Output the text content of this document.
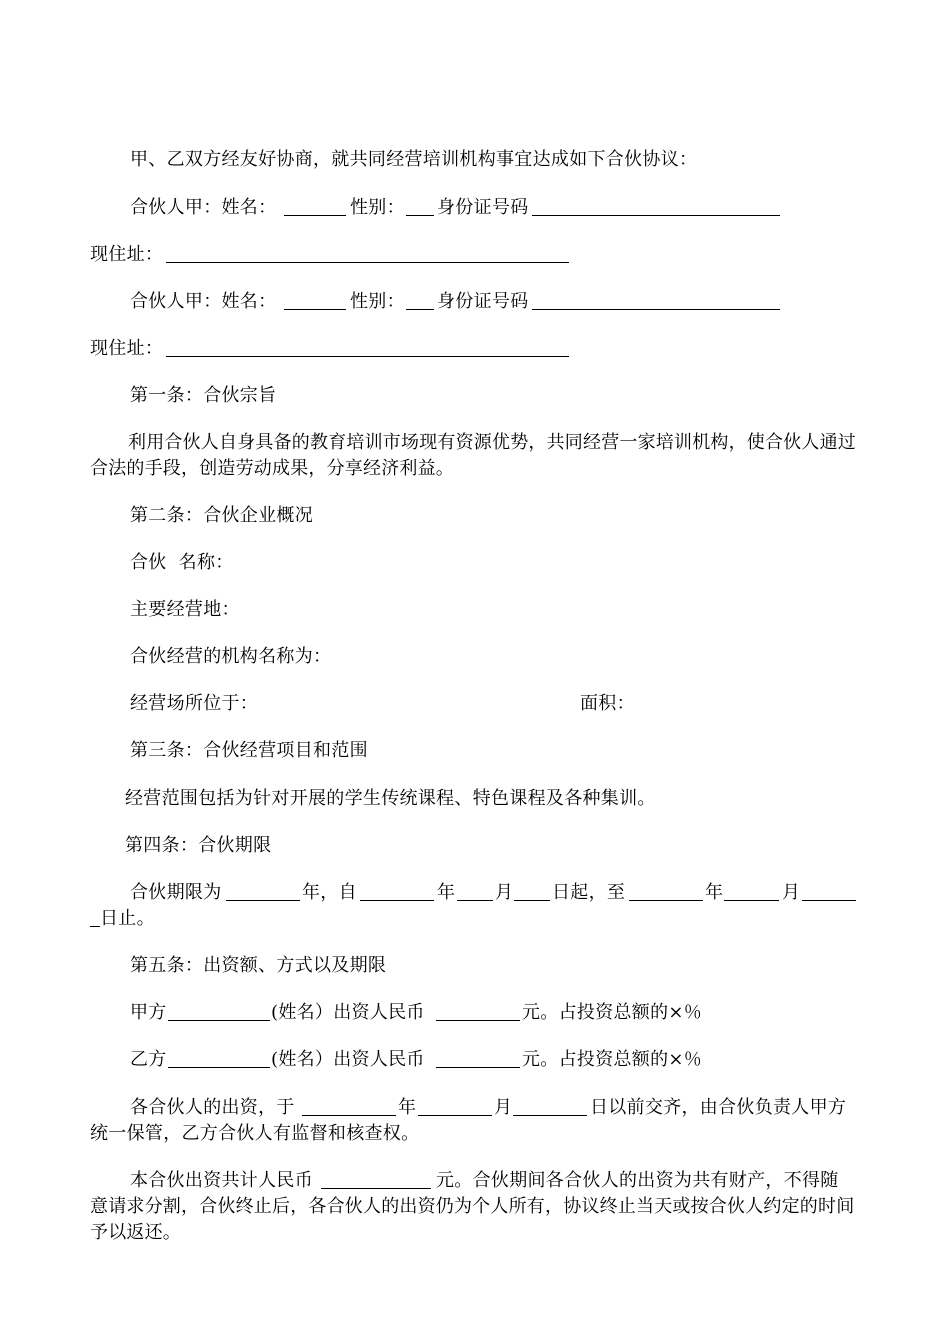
甲、乙双方经友好协商，就共同经营培训机构事宜达成如下合伙协议：
合伙人甲：姓名：	性别： 身份证号码
现住址：
合伙人甲：姓名：	性别： 身份证号码
现住址：
第一条：合伙宗旨
利用合伙人自身具备的教育培训市场现有资源优势，共同经营一家培训机构，使合伙人通过合法的手段，创造劳动成果，分享经济利益。
第二条：合伙企业概况
合伙  名称：
主要经营地：
合伙经营的机构名称为：
经营场所位于：	面积：
第三条：合伙经营项目和范围
经营范围包括为针对开展的学生传统课程、特色课程及各种集训。
第四条：合伙期限
合伙期限为	年，自	年 月 日起，至	年	月
日止。
第五条：出资额、方式以及期限
甲方	(姓名）出资人民币	元。占投资总额的×％
乙方	(姓名）出资人民币	元。占投资总额的×％
各合伙人的出资，于	年	月	日以前交齐，由合伙负责人甲方
统一保管，乙方合伙人有监督和核查权。
本合伙出资共计人民币	元。合伙期间各合伙人的出资为共有财产，不得随
意请求分割，合伙终止后，各合伙人的出资仍为个人所有，协议终止当天或按合伙人约定的时间予以返还。
